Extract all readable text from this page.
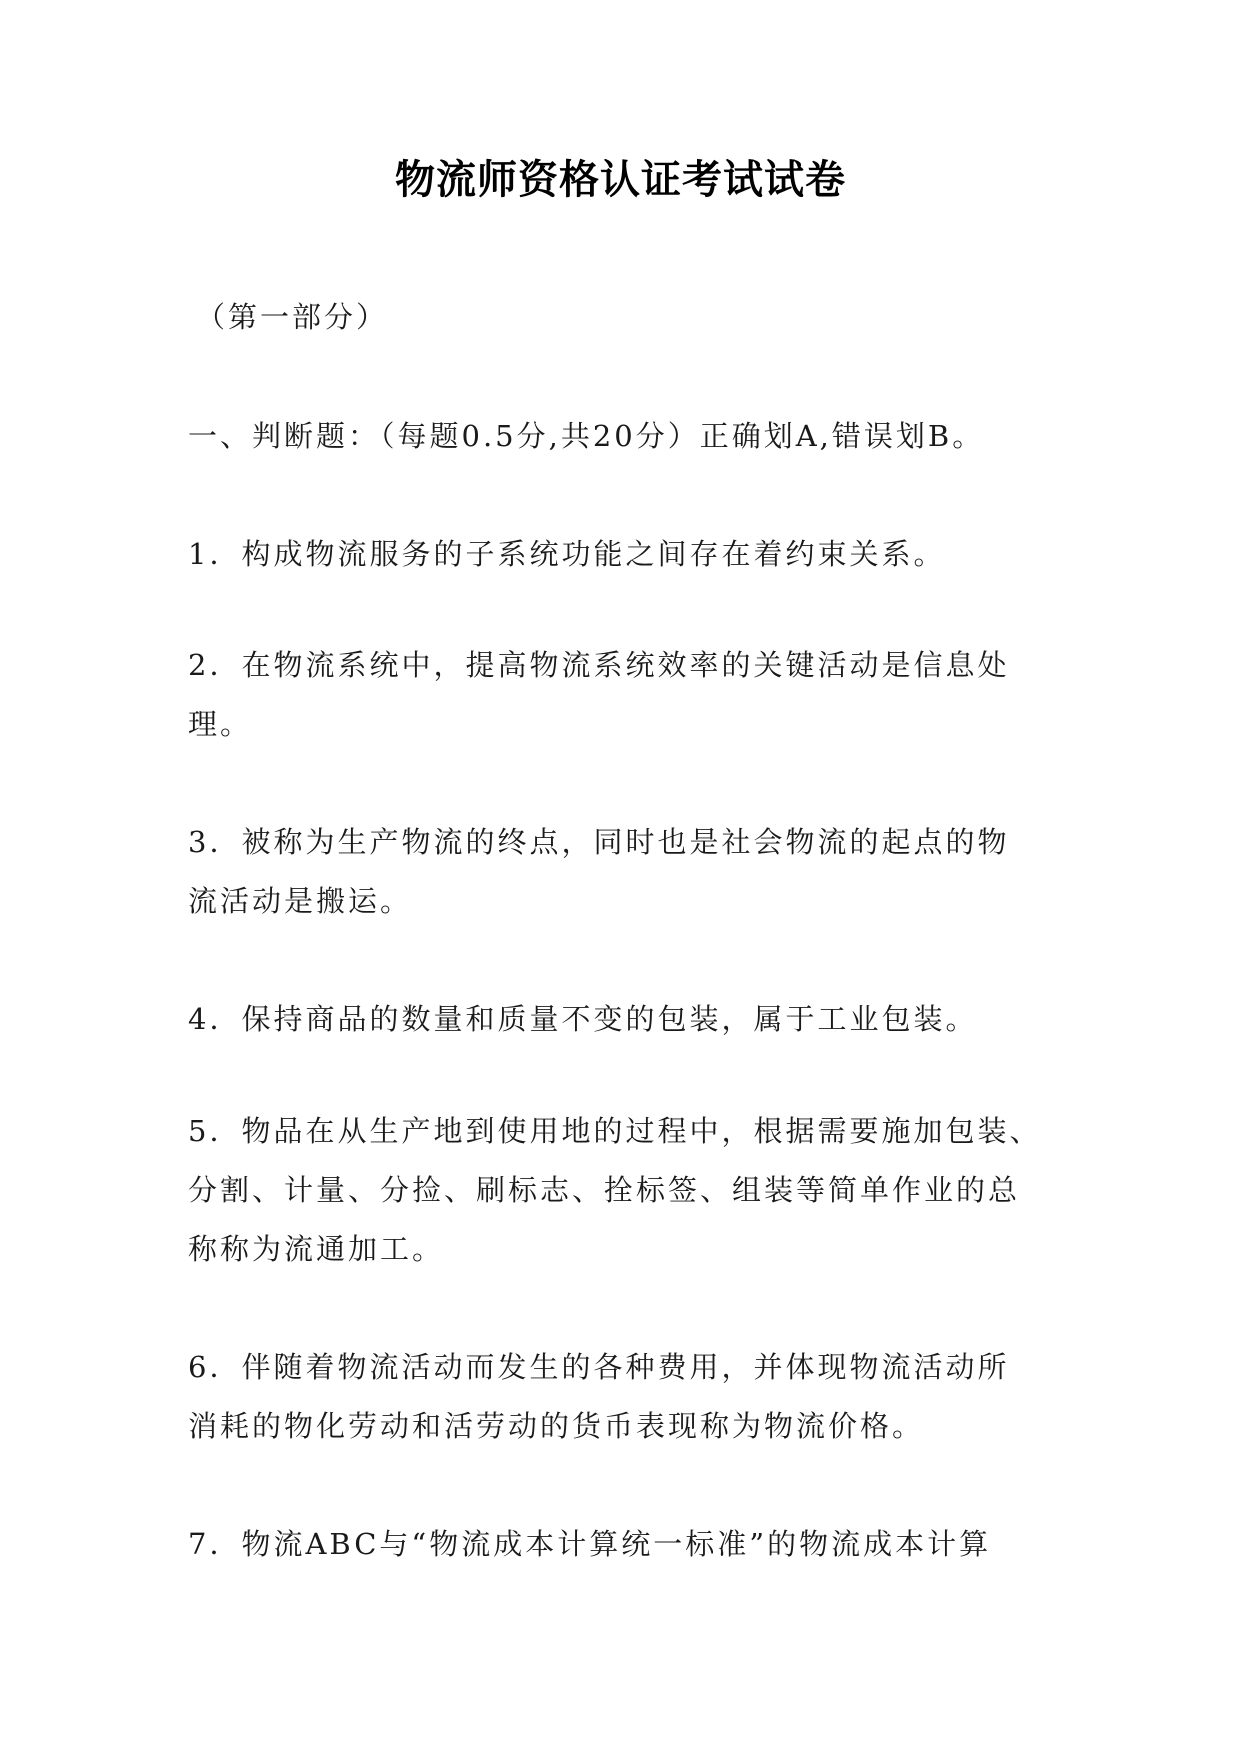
物流师资格认证考试试卷
（第一部分）
一、判断题：（每题0.5分,共20分）正确划A,错误划B。
1．构成物流服务的子系统功能之间存在着约束关系。
2．在物流系统中，提高物流系统效率的关键活动是信息处
理。
3．被称为生产物流的终点，同时也是社会物流的起点的物
流活动是搬运。
4．保持商品的数量和质量不变的包装，属于工业包装。
5．物品在从生产地到使用地的过程中，根据需要施加包装、
分割、计量、分捡、刷标志、拴标签、组装等简单作业的总
称称为流通加工。
6．伴随着物流活动而发生的各种费用，并体现物流活动所
消耗的物化劳动和活劳动的货币表现称为物流价格。
7．物流ABC与“物流成本计算统一标准”的物流成本计算
